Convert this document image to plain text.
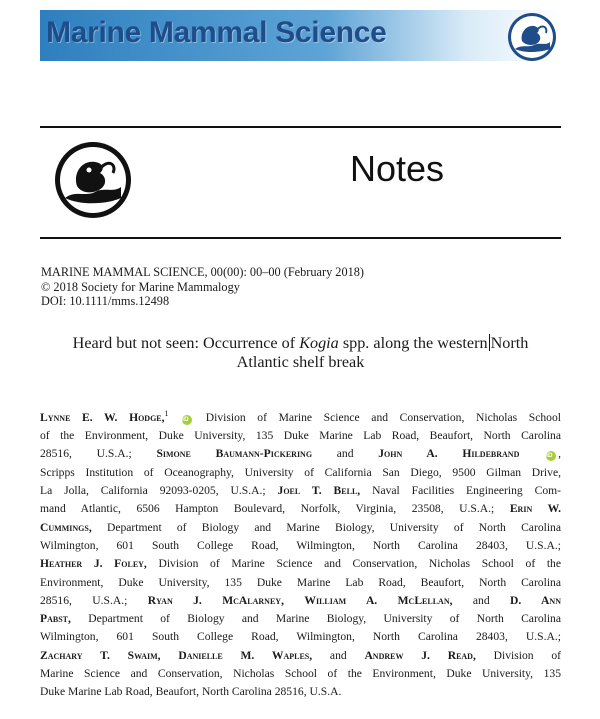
Marine Mammal Science
Notes
MARINE MAMMAL SCIENCE, 00(00): 00–00 (February 2018)
© 2018 Society for Marine Mammalogy
DOI: 10.1111/mms.12498
Heard but not seen: Occurrence of Kogia spp. along the western North
Atlantic shelf break
Lynne E. W. Hodge,$^1$ iD Division of Marine Science and Conservation, Nicholas School
of the Environment, Duke University, 135 Duke Marine Lab Road, Beaufort, North Carolina
28516, U.S.A.; Simone Baumann-Pickering and John A. Hildebrand	iD ,
Scripps Institution of Oceanography, University of California San Diego, 9500 Gilman Drive,
La Jolla, California 92093-0205, U.S.A.; Joel T. Bell, Naval Facilities Engineering Com-
mand Atlantic, 6506 Hampton Boulevard, Norfolk, Virginia, 23508, U.S.A.; Erin W.
Cummings, Department of Biology and Marine Biology, University of North Carolina
Wilmington, 601 South College Road, Wilmington, North Carolina 28403, U.S.A.;
Heather J. Foley, Division of Marine Science and Conservation, Nicholas School of the
Environment, Duke University, 135 Duke Marine Lab Road, Beaufort, North Carolina
28516, U.S.A.; Ryan J. McAlarney, William A. McLellan, and D. Ann
Pabst, Department of Biology and Marine Biology, University of North Carolina
Wilmington, 601 South College Road, Wilmington, North Carolina 28403, U.S.A.;
Zachary T. Swaim, Danielle M. Waples, and Andrew J. Read, Division of
Marine Science and Conservation, Nicholas School of the Environment, Duke University, 135
Duke Marine Lab Road, Beaufort, North Carolina 28516, U.S.A.
